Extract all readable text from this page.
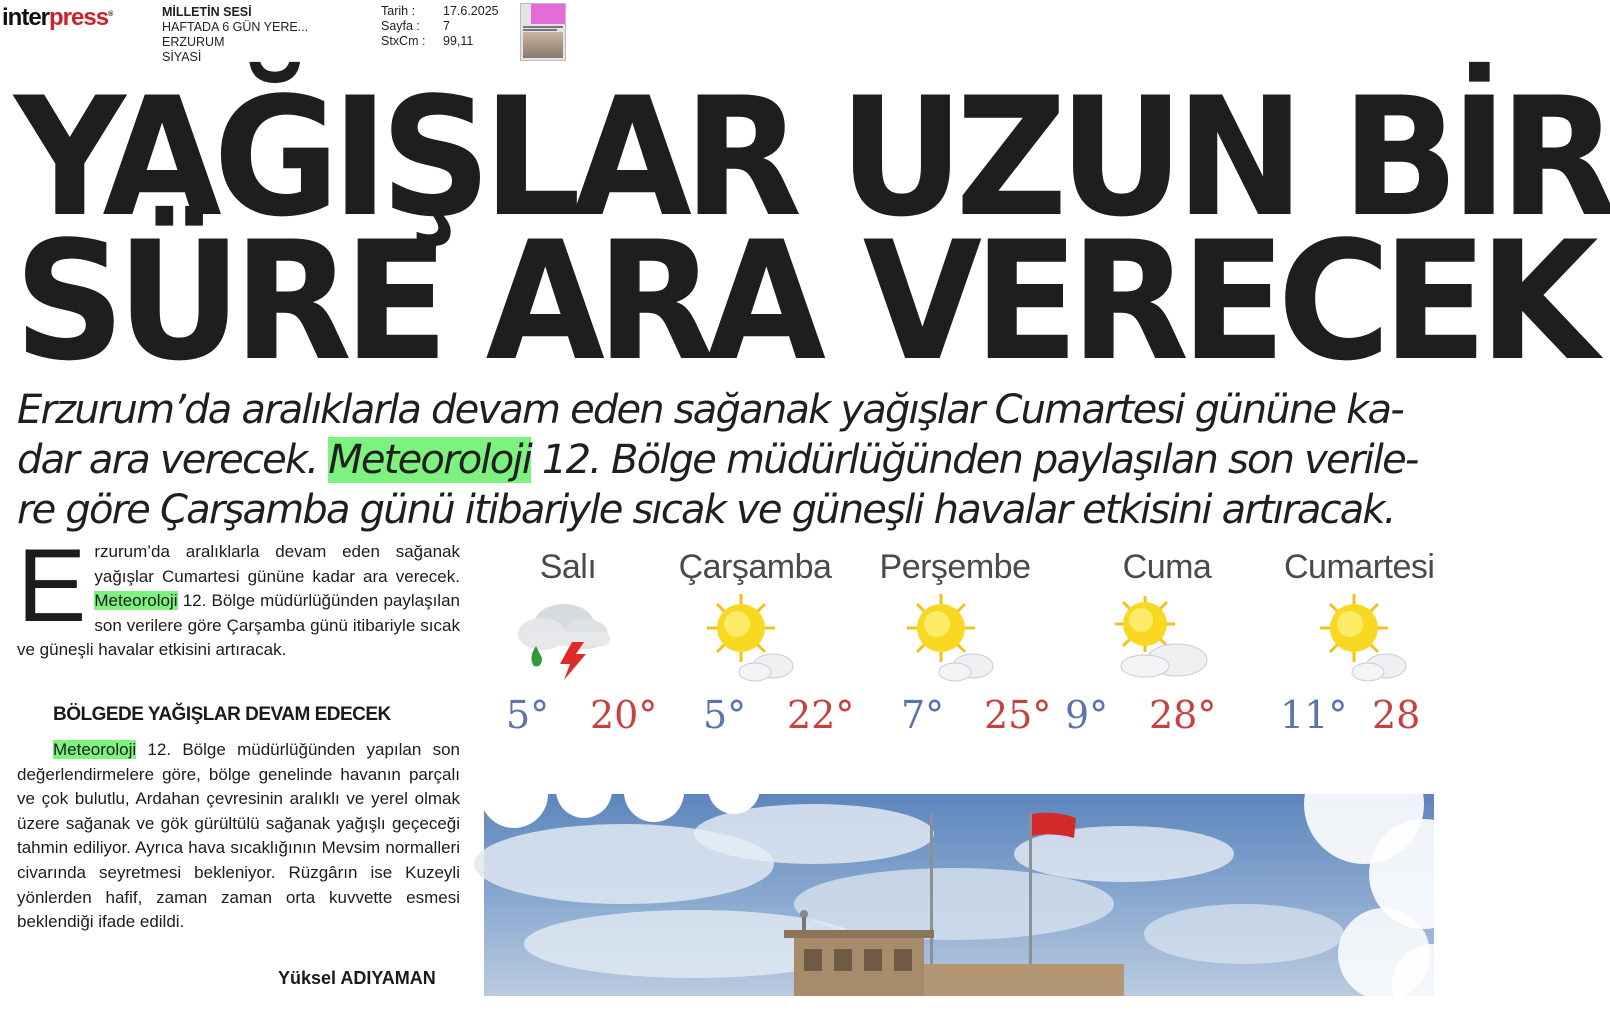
interpress®	MİLLETİN SESİ
HAFTADA 6 GÜN YERE...
ERZURUM
SİYASİ
Tarih :	17.6.2025
Sayfa :	7
StxCm :	99,11
YAĞIŞLAR UZUN BİR
SÜRE ARA VERECEK
Erzurum’da aralıklarla devam eden sağanak yağışlar Cumartesi gününe ka-
dar ara verecek. Meteoroloji 12. Bölge müdürlüğünden paylaşılan son verile-
re göre Çarşamba günü itibariyle sıcak ve güneşli havalar etkisini artıracak.
Erzurum’da aralıklarla devam eden sağanak yağışlar Cumartesi gününe kadar ara verecek. Meteoroloji 12. Bölge müdürlüğünden paylaşılan son verilere göre Çarşamba günü itibariyle sıcak ve güneşli havalar etkisini artıracak.
BÖLGEDE YAĞIŞLAR DEVAM EDECEK
Meteoroloji 12. Bölge müdürlüğünden yapılan son değerlendirmelere göre, bölge genelinde havanın parçalı ve çok bulutlu, Ardahan çevresinin aralıklı ve yerel olmak üzere sağanak ve gök gürültülü sağanak yağışlı geçeceği tahmin ediliyor. Ayrıca hava sıcaklığının Mevsim normalleri civarında seyretmesi bekleniyor. Rüzgârın ise Kuzeyli yönlerden hafif, zaman zaman orta kuvvette esmesi beklendiği ifade edildi.
Yüksel ADIYAMAN
Salı
5° 20°
Çarşamba
5° 22°
Perşembe
7° 25°
Cuma
9° 28°
Cumartesi
11° 28
